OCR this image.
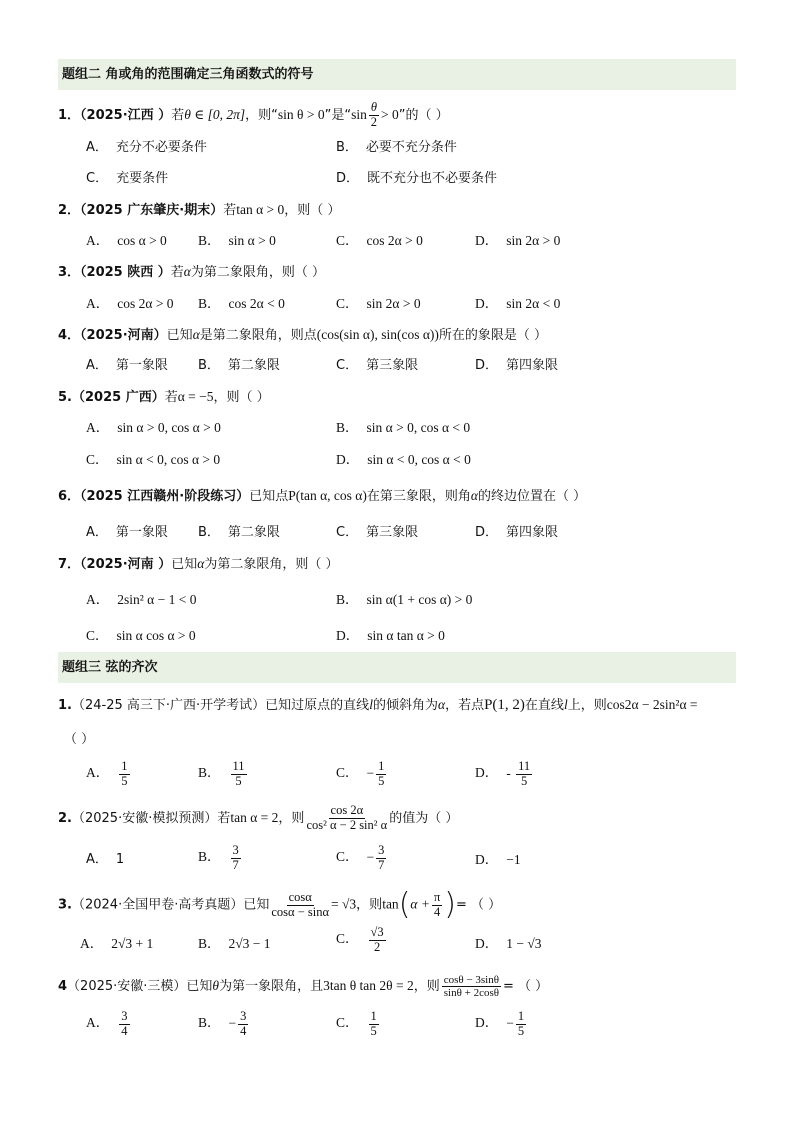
题组二 角或角的范围确定三角函数式的符号
1．（2025·江西 ）若θ ∈ [0, 2π]，则“sin θ > 0”是“$\sin \frac{\theta}{2} > 0$”的（ ）
A． 充分不必要条件	B． 必要不充分条件
C． 充要条件	D． 既不充分也不必要条件
2．（2025 广东肇庆·期末）若tan α > 0，则（ ）
A． cos α > 0 B． sin α > 0	C． cos 2α > 0	D． sin 2α > 0
3．（2025 陕西 ）若α为第二象限角，则（ ）
A． cos 2α > 0 B． cos 2α < 0	C． sin 2α > 0	D． sin 2α < 0
4．（2025·河南）已知α是第二象限角，则点(cos(sin α), sin(cos α))所在的象限是（ ）
A． 第一象限 B． 第二象限	C． 第三象限	D． 第四象限
5.（2025 广西）若α = −5，则（ ）
A． sin α > 0, cos α > 0	B． sin α > 0, cos α < 0
C． sin α < 0, cos α > 0	D． sin α < 0, cos α < 0
6．（2025 江西赣州·阶段练习）已知点P(tan α, cos α)在第三象限，则角α的终边位置在（ ）
A． 第一象限 B． 第二象限	C． 第三象限	D． 第四象限
7．（2025·河南 ）已知α为第二象限角，则（ ）
A． 2sin² α − 1 < 0	B． sin α(1 + cos α) > 0
C． sin α cos α > 0	D． sin α tan α > 0
题组三 弦的齐次
1.（24-25 高三下·广西·开学考试）已知过原点的直线l的倾斜角为α，若点P(1, 2)在直线l上，则cos2α − 2sin²α =
（ ）
A． $\frac{1}{5}$	B． $\frac{11}{5}$	C． − $\frac{1}{5}$	D． - $\frac{11}{5}$
2.（2025·安徽·模拟预测）若tan α = 2，则 $\frac{\cos 2\alpha}{\text{cos² α − 2 sin² α}}$ 的值为（ ）
A． 1	B． $\frac{3}{7}$	C． − $\frac{3}{7}$	D． −1
3.（2024·全国甲卷·高考真题）已知 $\frac{\cos\alpha}{\cos\alpha - \sin\alpha} = √3$，则$\tan(\alpha + \frac{\pi}{4}$ )= （ ）
A． 2√3 + 1	B． 2√3 − 1	C． $\frac{√3}{2}$	D． 1 − √3
4（2025·安徽·三模）已知θ为第一象限角，且3tan θ tan 2θ = 2，则 $\frac{\cos\theta - 3\sin\theta}{\sin\theta + 2\cos\theta}$ = （ ）
A． $\frac{3}{4}$	B． − $\frac{3}{4}$	C． $\frac{1}{5}$	D． − $\frac{1}{5}$
